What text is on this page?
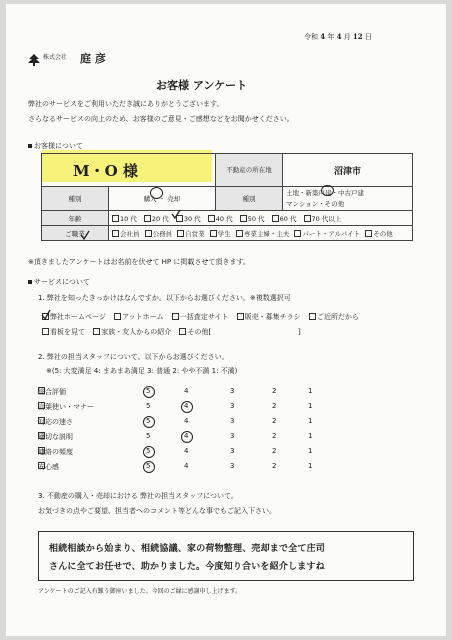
令和 4 年 4 月 12 日
株式会社 庭 彦
お客様 アンケート
弊社のサービスをご利用いただき誠にありがとうございます。
さらなるサービスの向上のため、お客様のご意見・ご感想などをお聞かせください。
お客様について
M・O 様		不動産の所在地	沼津市
種別	購入 ・ 売却	種別	土地・新築戸建・中古戸建
マンション・その他

年齢	10 代 20 代 30 代 40 代 50 代 60 代 70 代以上		
ご職業	会社員 公務員 自営業 学生 専業主婦・主夫 パート・アルバイト その他		
※頂きましたアンケートはお名前を伏せて HP に掲載させて頂きます。
サービスについて
1. 弊社を知ったきっかけはなんですか。以下からお選びください。※複数選択可
弊社ホームページ アットホーム 一括査定サイト 販売・募集チラシ ご近所だから
看板を見て 家族・友人からの紹介 その他[	]
2. 弊社の担当スタッフについて。以下からお選びください。
※(5: 大変満足 4: まあまあ満足 3: 普通 2: やや不満 1: 不満)
総合評価	5	4	3	2	1
言葉使い・マナー	5	4	3	2	1
対応の速さ	5	4	3	2	1
適切な説明	5	4	3	2	1
連絡の頻度	5	4	3	2	1
安心感	5	4	3	2	1
3. 不動産の購入・売却における 弊社の担当スタッフについて。
お気づきの点やご要望、担当者へのコメント等どんな事でもご記入下さい。
相続相談から始まり、相続協議、家の荷物整理、売却まで全て庄司
さんに全てお任せで、助かりました。今度知り合いを紹介しますね
アンケートのご記入有難う御座いました。今回のご縁に感謝申し上げます。
